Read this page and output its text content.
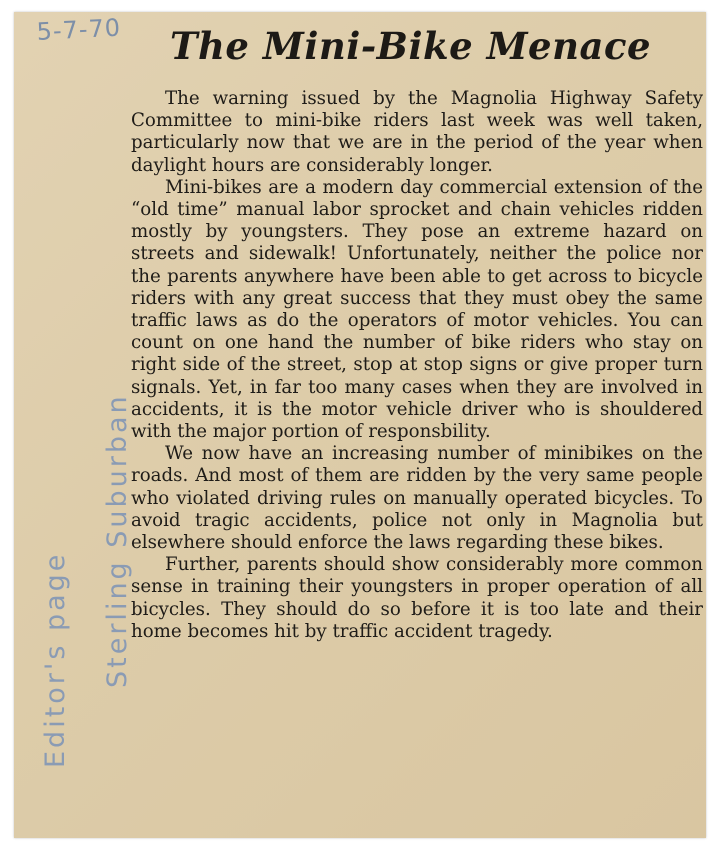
5-7-70 The Mini-Bike Menace
Editor's page Sterling Suburban

The warning issued by the Magnolia Highway Safety Committee to mini-bike riders last week was well taken, particularly now that we are in the period of the year when daylight hours are considerably longer.

Mini-bikes are a modern day commercial extension of the “old time” manual labor sprocket and chain vehicles ridden mostly by youngsters. They pose an extreme hazard on streets and sidewalk! Unfortunately, neither the police nor the parents anywhere have been able to get across to bicycle riders with any great success that they must obey the same traffic laws as do the operators of motor vehicles. You can count on one hand the number of bike riders who stay on right side of the street, stop at stop signs or give proper turn signals. Yet, in far too many cases when they are involved in accidents, it is the motor vehicle driver who is shouldered with the major portion of responsbility.

We now have an increasing number of minibikes on the roads. And most of them are ridden by the very same people who violated driving rules on manually operated bicycles. To avoid tragic accidents, police not only in Magnolia but elsewhere should enforce the laws regarding these bikes.

Further, parents should show considerably more common sense in training their youngsters in proper operation of all bicycles. They should do so before it is too late and their home becomes hit by traffic accident tragedy.
